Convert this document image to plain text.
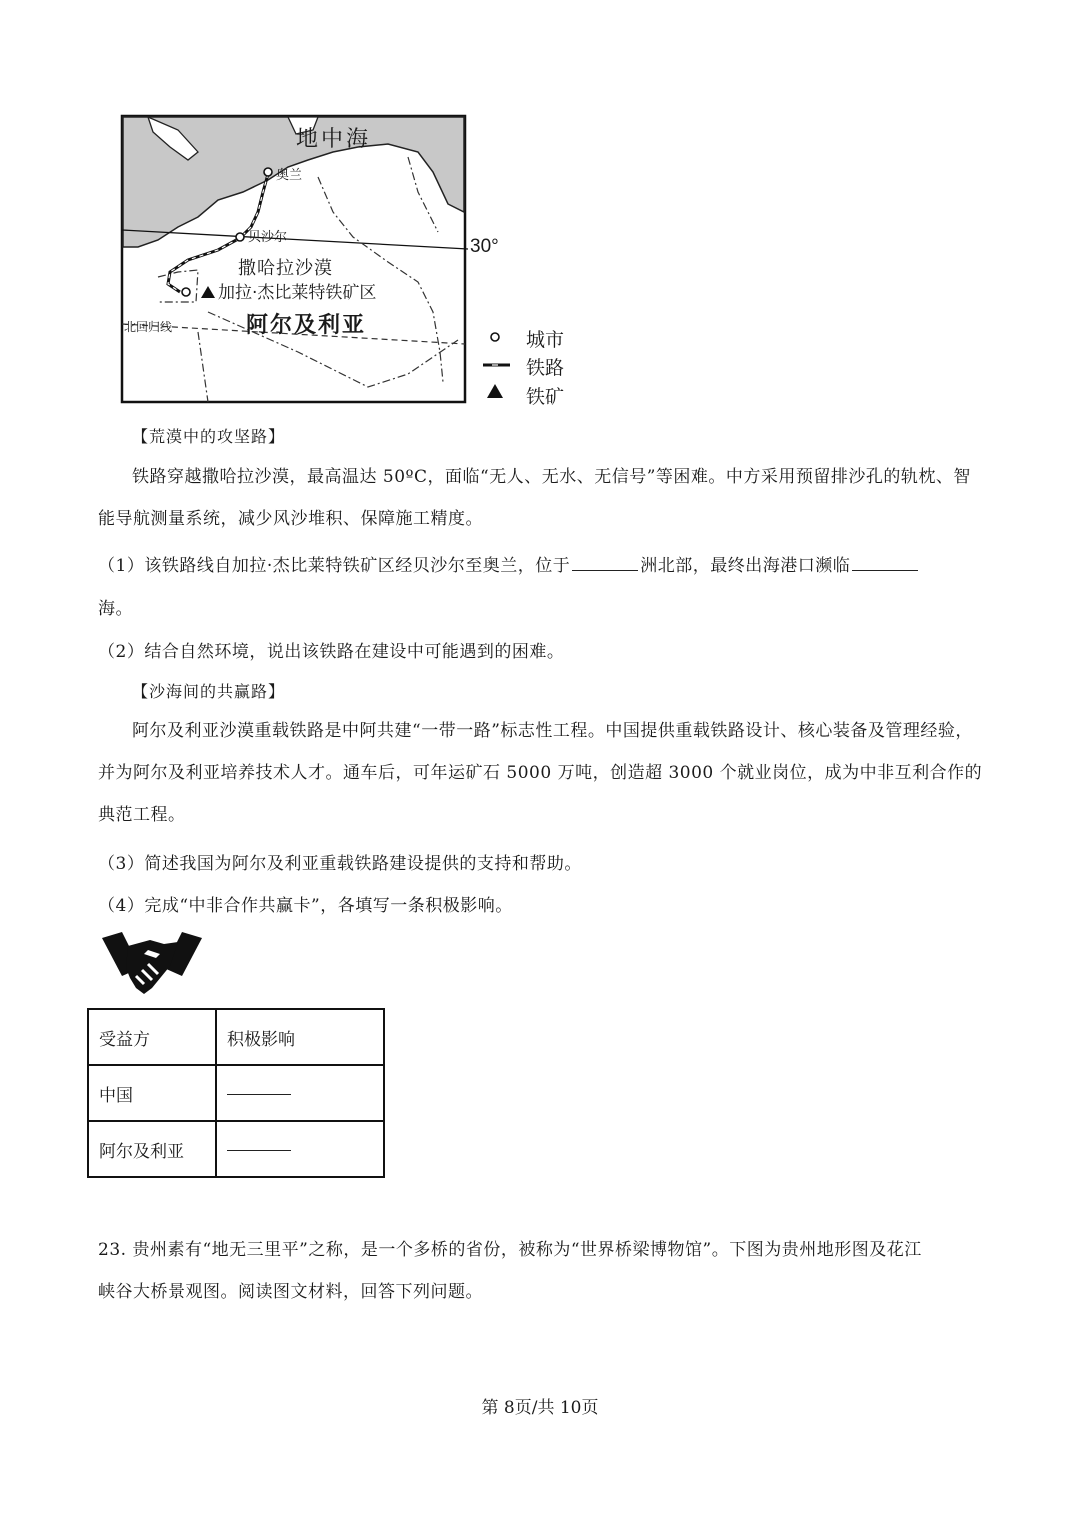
地中海
奥兰
贝沙尔	30°
撒哈拉沙漠
加拉·杰比莱特铁矿区
阿尔及利亚
北回归线
城市
铁路
铁矿
【荒漠中的攻坚路】
铁路穿越撒哈拉沙漠，最高温达 50ºC，面临“无人、无水、无信号”等困难。中方采用预留排沙孔的轨枕、智能导航测量系统，减少风沙堆积、保障施工精度。
（1）该铁路线自加拉·杰比莱特铁矿区经贝沙尔至奥兰，位于	洲北部，最终出海港口濒临
海。
（2）结合自然环境，说出该铁路在建设中可能遇到的困难。
【沙海间的共赢路】
阿尔及利亚沙漠重载铁路是中阿共建“一带一路”标志性工程。中国提供重载铁路设计、核心装备及管理经验，并为阿尔及利亚培养技术人才。通车后，可年运矿石 5000 万吨，创造超 3000 个就业岗位，成为中非互利合作的典范工程。
（3）简述我国为阿尔及利亚重载铁路建设提供的支持和帮助。
（4）完成“中非合作共赢卡”，各填写一条积极影响。
受益方	积极影响
中国	
阿尔及利亚	
23. 贵州素有“地无三里平”之称，是一个多桥的省份，被称为“世界桥梁博物馆”。下图为贵州地形图及花江
峡谷大桥景观图。阅读图文材料，回答下列问题。
第 8页/共 10页
